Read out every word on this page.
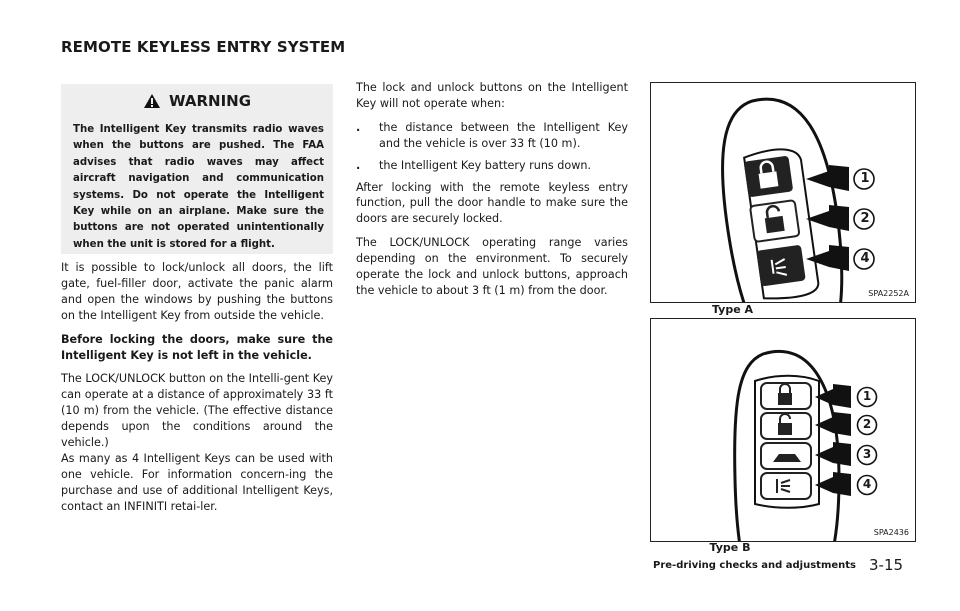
REMOTE KEYLESS ENTRY SYSTEM
WARNING
The Intelligent Key transmits radio waves when the buttons are pushed. The FAA advises that radio waves may affect aircraft navigation and communication systems. Do not operate the Intelligent Key while on an airplane. Make sure the buttons are not operated unintentionally when the unit is stored for a flight.

It is possible to lock/unlock all doors, the lift gate, fuel-filler door, activate the panic alarm and open the windows by pushing the buttons on the Intelligent Key from outside the vehicle.

Before locking the doors, make sure the Intelligent Key is not left in the vehicle.

The LOCK/UNLOCK button on the Intelli-gent Key can operate at a distance of approximately 33 ft (10 m) from the vehicle. (The effective distance depends upon the conditions around the vehicle.)

As many as 4 Intelligent Keys can be used with one vehicle. For information concern-ing the purchase and use of additional Intelligent Keys, contact an INFINITI retai-ler.

The lock and unlock buttons on the Intelligent Key will not operate when:

.	the distance between the Intelligent Key and the vehicle is over 33 ft (10 m).
.	the Intelligent Key battery runs down.

After locking with the remote keyless entry function, pull the door handle to make sure the doors are securely locked.

The LOCK/UNLOCK operating range varies depending on the environment. To securely operate the lock and unlock buttons, approach the vehicle to about 3 ft (1 m) from the door.

1
2
4
SPA2252A
Type A
1
2
3
4
SPA2436
Type B
Pre-driving checks and adjustments 3-15
